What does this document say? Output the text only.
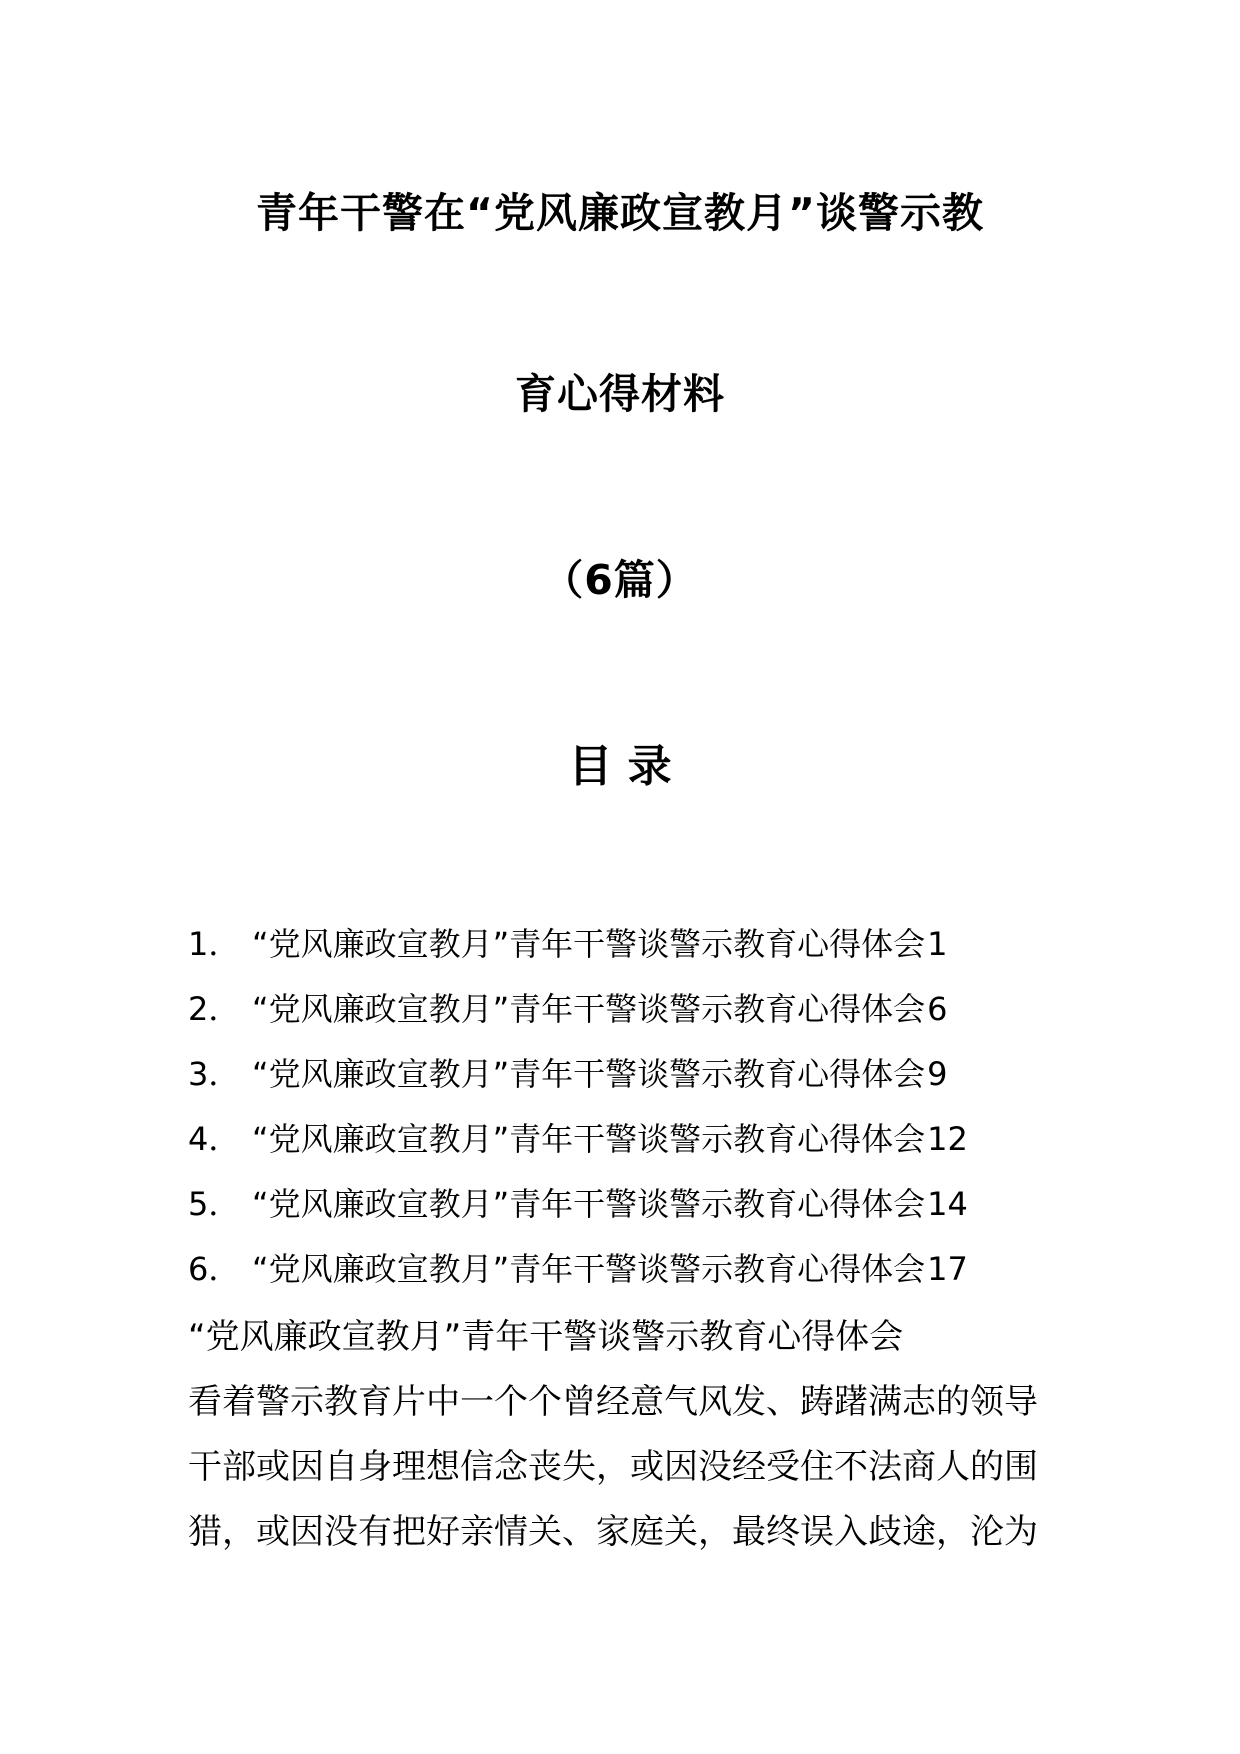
青年干警在“党风廉政宣教月”谈警示教
育心得材料
（6篇）
目 录
1． “党风廉政宣教月”青年干警谈警示教育心得体会 1
2． “党风廉政宣教月”青年干警谈警示教育心得体会 6
3． “党风廉政宣教月”青年干警谈警示教育心得体会 9
4． “党风廉政宣教月”青年干警谈警示教育心得体会 12
5． “党风廉政宣教月”青年干警谈警示教育心得体会 14
6． “党风廉政宣教月”青年干警谈警示教育心得体会 17

“党风廉政宣教月”青年干警谈警示教育心得体会

看着警示教育片中一个个曾经意气风发、踌躇满志的领导

干部或因自身理想信念丧失，或因没经受住不法商人的围

猎，或因没有把好亲情关、家庭关，最终误入歧途，沦为
